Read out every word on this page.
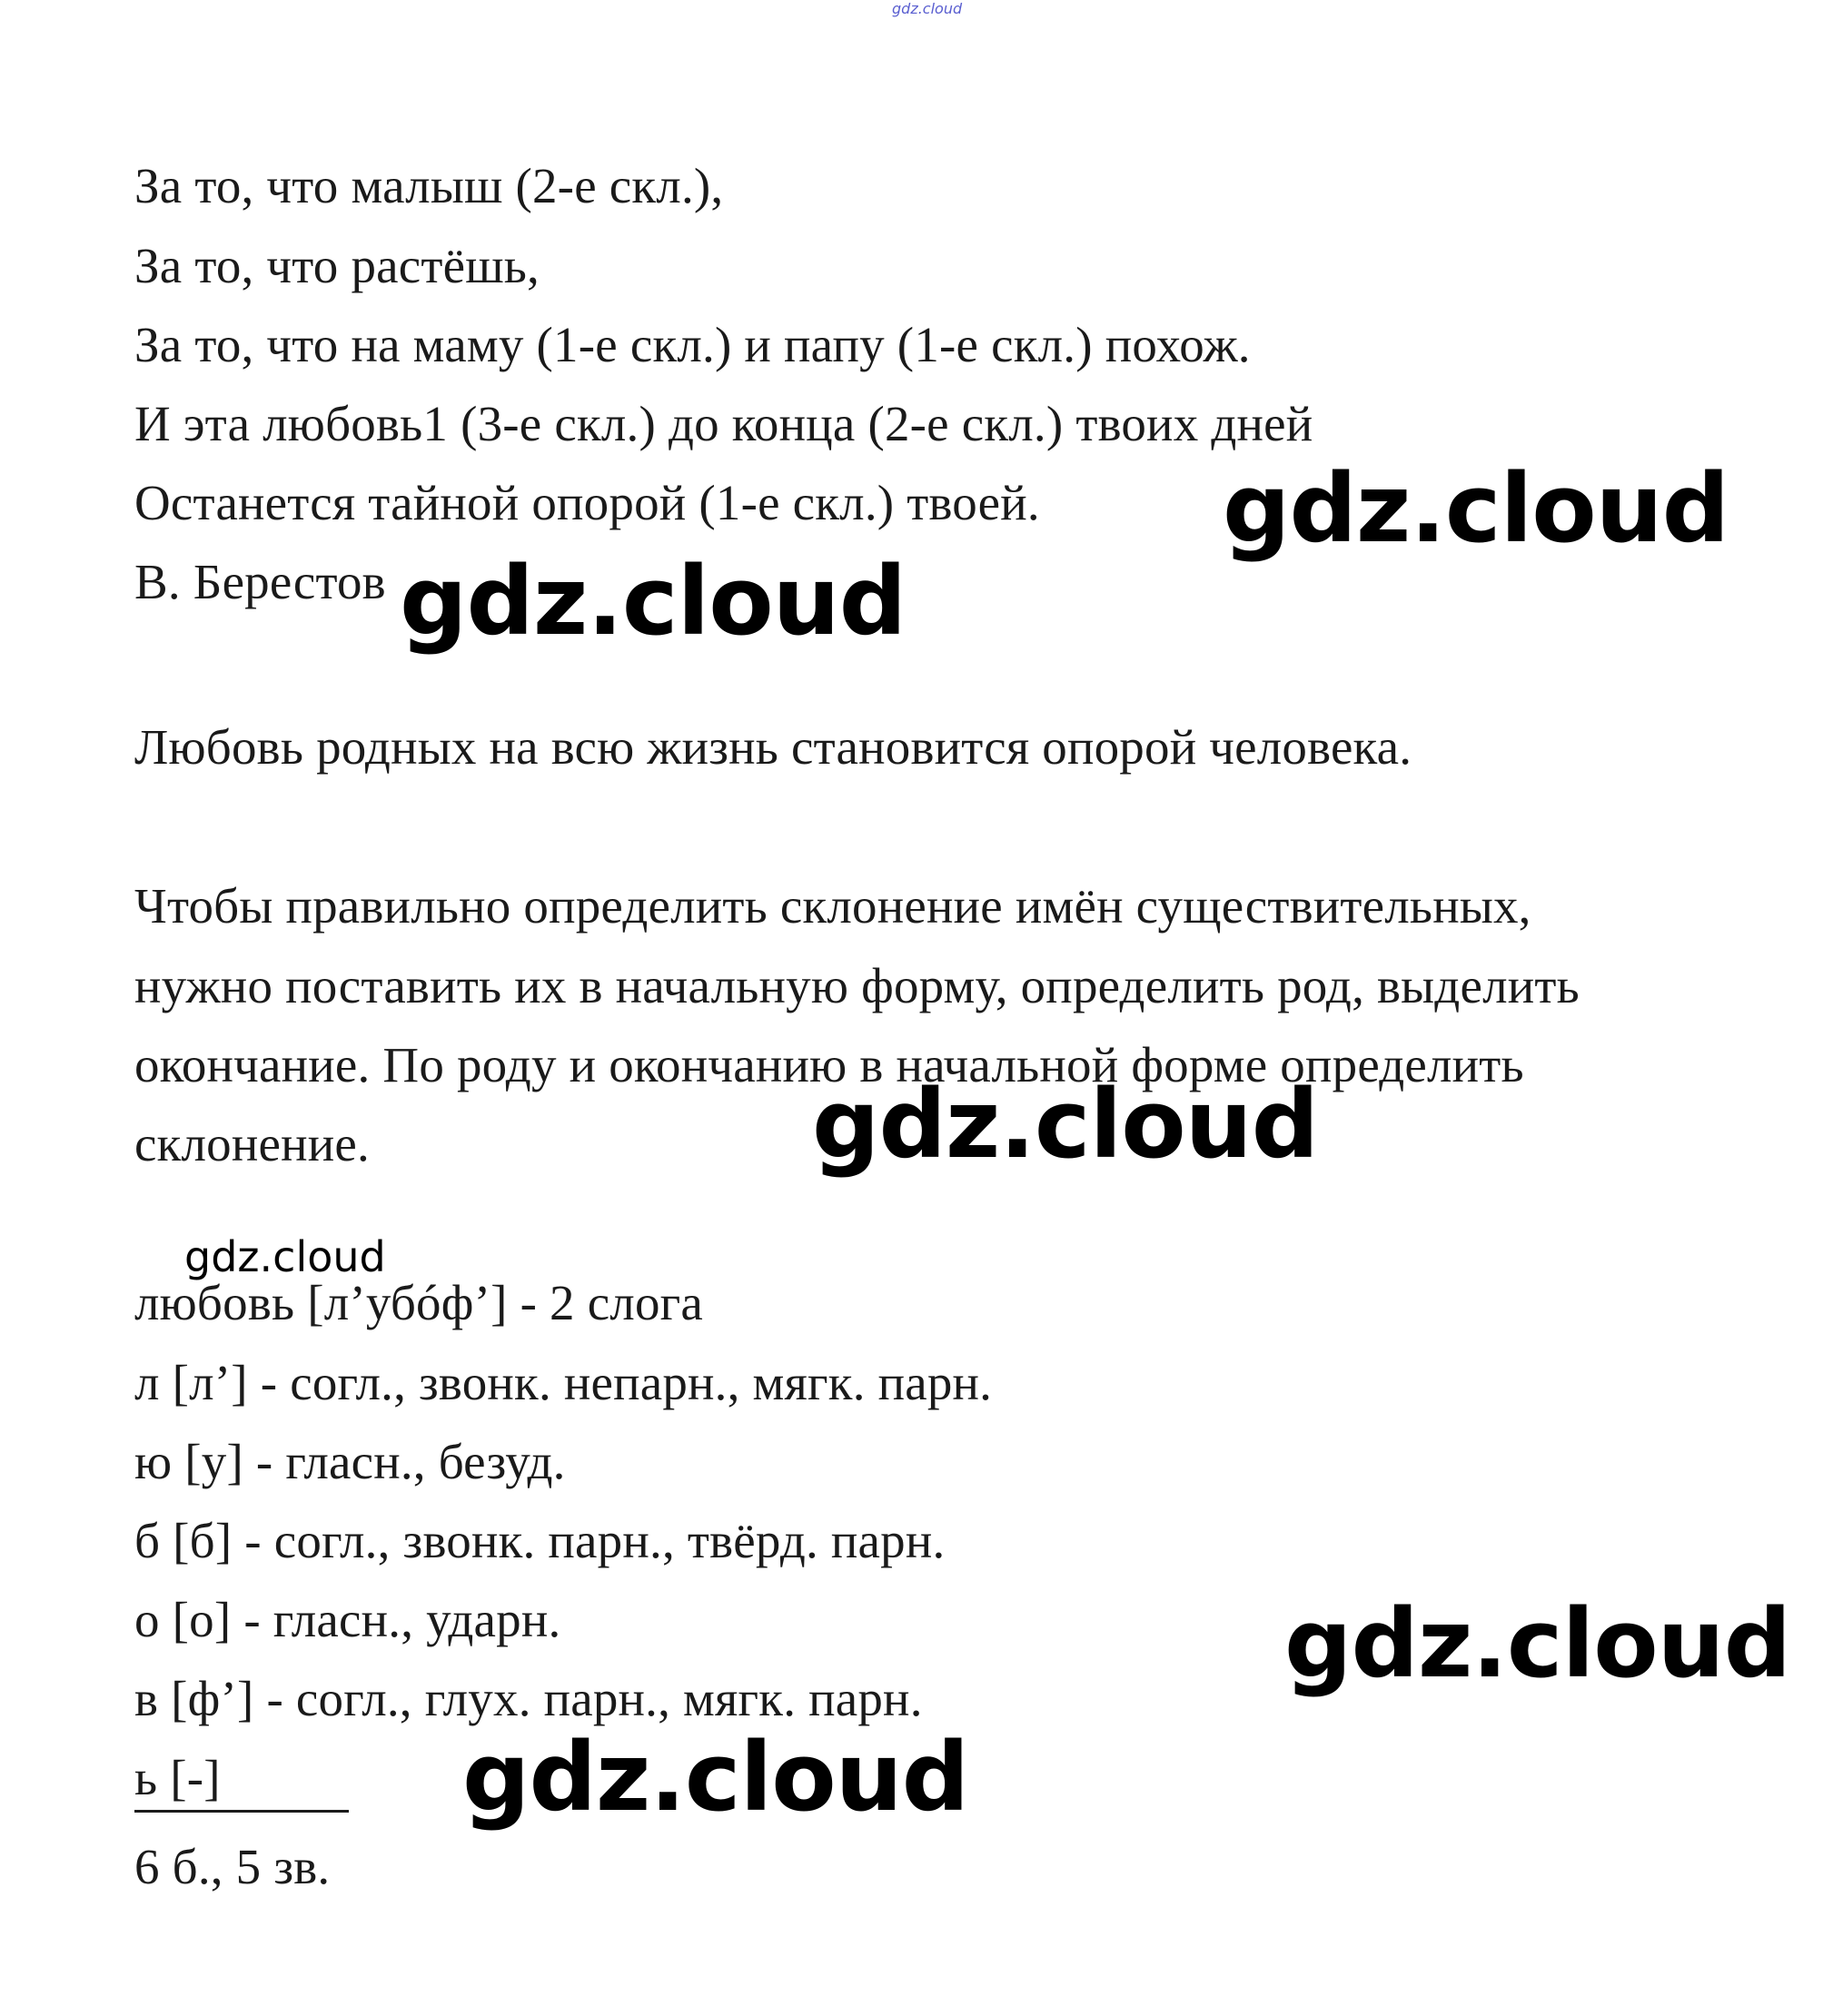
gdz.cloud
За то, что малыш (2-е скл.),
За то, что растёшь,
За то, что на маму (1-е скл.) и папу (1-е скл.) похож.
И эта любовь1 (3-е скл.) до конца (2-е скл.) твоих дней
Останется тайной опорой (1-е скл.) твоей.
В. Берестов
Любовь родных на всю жизнь становится опорой человека.
Чтобы правильно определить склонение имён существительных,
нужно поставить их в начальную форму, определить род, выделить
окончание. По роду и окончанию в начальной форме определить
склонение.
любовь [л’убóф’] - 2 слога
л [л’] - согл., звонк. непарн., мягк. парн.
ю [у] - гласн., безуд.
б [б] - согл., звонк. парн., твёрд. парн.
о [о] - гласн., ударн.
в [ф’] - согл., глух. парн., мягк. парн.
ь [-]
6 б., 5 зв.
gdz.cloud
gdz.cloud
gdz.cloud
gdz.cloud
gdz.cloud
gdz.cloud
